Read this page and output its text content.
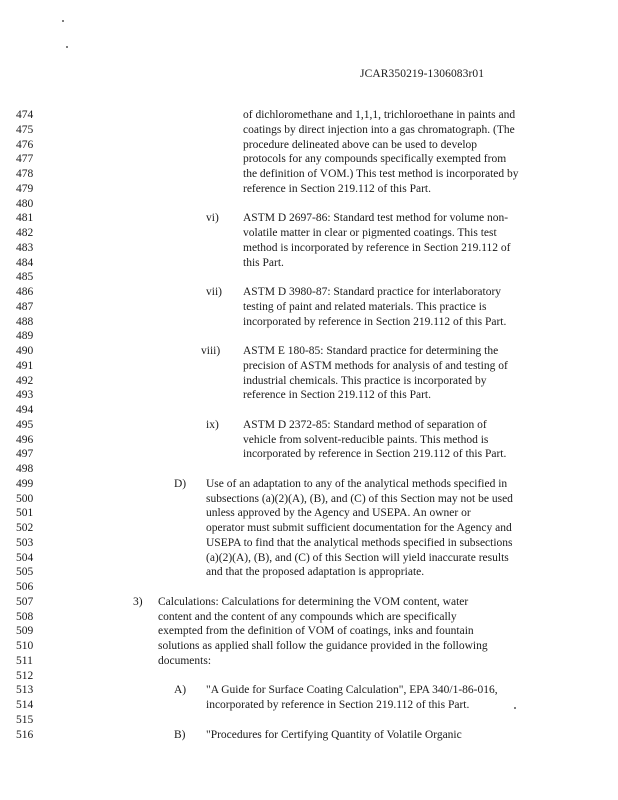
JCAR350219-1306083r01
474
475
476
477
478
479
480
481
482
483
484
485
486
487
488
489
490
491
492
493
494
495
496
497
498
499
500
501
502
503
504
505
506
507
508
509
510
511
512
513
514
515
516
of dichloromethane and 1,1,1, trichloroethane in paints and
coatings by direct injection into a gas chromatograph. (The
procedure delineated above can be used to develop
protocols for any compounds specifically exempted from
the definition of VOM.) This test method is incorporated by
reference in Section 219.112 of this Part.
vi) ASTM D 2697-86: Standard test method for volume non-
volatile matter in clear or pigmented coatings. This test
method is incorporated by reference in Section 219.112 of
this Part.
vii) ASTM D 3980-87: Standard practice for interlaboratory
testing of paint and related materials. This practice is
incorporated by reference in Section 219.112 of this Part.
viii) ASTM E 180-85: Standard practice for determining the
precision of ASTM methods for analysis of and testing of
industrial chemicals. This practice is incorporated by
reference in Section 219.112 of this Part.
ix) ASTM D 2372-85: Standard method of separation of
vehicle from solvent-reducible paints. This method is
incorporated by reference in Section 219.112 of this Part.
D) Use of an adaptation to any of the analytical methods specified in
subsections (a)(2)(A), (B), and (C) of this Section may not be used
unless approved by the Agency and USEPA. An owner or
operator must submit sufficient documentation for the Agency and
USEPA to find that the analytical methods specified in subsections
(a)(2)(A), (B), and (C) of this Section will yield inaccurate results
and that the proposed adaptation is appropriate.
3) Calculations: Calculations for determining the VOM content, water
content and the content of any compounds which are specifically
exempted from the definition of VOM of coatings, inks and fountain
solutions as applied shall follow the guidance provided in the following
documents:
A) "A Guide for Surface Coating Calculation", EPA 340/1-86-016,
incorporated by reference in Section 219.112 of this Part.
B) "Procedures for Certifying Quantity of Volatile Organic
